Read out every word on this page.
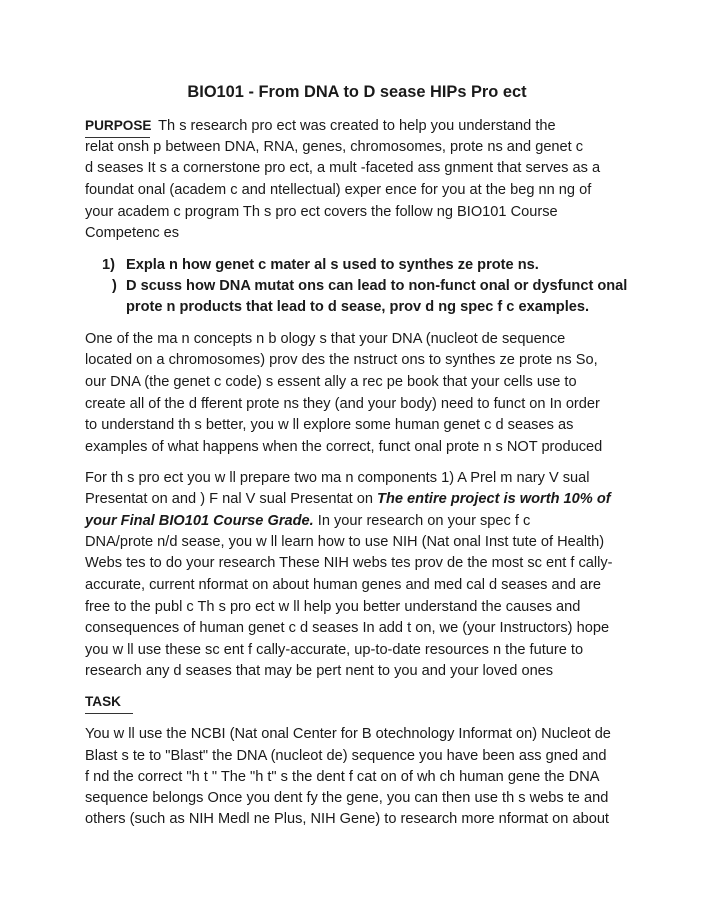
BIO101 - From DNA to D sease HIPs Pro ect
PURPOSE Th s research pro ect was created to help you understand the
relat onsh p between DNA, RNA, genes, chromosomes, prote ns and genet c
d seases It s a cornerstone pro ect, a mult -faceted ass gnment that serves as a
foundat onal (academ c and ntellectual) exper ence for you at the beg nn ng of
your academ c program Th s pro ect covers the follow ng BIO101 Course
Competenc es
1) Expla n how genet c mater al s used to synthes ze prote ns.
) D scuss how DNA mutat ons can lead to non-funct onal or dysfunct onal
prote n products that lead to d sease, prov d ng spec f c examples.
One of the ma n concepts n b ology s that your DNA (nucleot de sequence
located on a chromosomes) prov des the nstruct ons to synthes ze prote ns So,
our DNA (the genet c code) s essent ally a rec pe book that your cells use to
create all of the d fferent prote ns they (and your body) need to funct on In order
to understand th s better, you w ll explore some human genet c d seases as
examples of what happens when the correct, funct onal prote n s NOT produced
For th s pro ect you w ll prepare two ma n components 1) A Prel m nary V sual
Presentat on and ) F nal V sual Presentat on The entire project is worth 10% of
your Final BIO101 Course Grade. In your research on your spec f c
DNA/prote n/d sease, you w ll learn how to use NIH (Nat onal Inst tute of Health)
Webs tes to do your research These NIH webs tes prov de the most sc ent f cally-
accurate, current nformat on about human genes and med cal d seases and are
free to the publ c Th s pro ect w ll help you better understand the causes and
consequences of human genet c d seases In add t on, we (your Instructors) hope
you w ll use these sc ent f cally-accurate, up-to-date resources n the future to
research any d seases that may be pert nent to you and your loved ones
TASK
You w ll use the NCBI (Nat onal Center for B otechnology Informat on) Nucleot de
Blast s te to "Blast" the DNA (nucleot de) sequence you have been ass gned and
f nd the correct "h t " The "h t" s the dent f cat on of wh ch human gene the DNA
sequence belongs Once you dent fy the gene, you can then use th s webs te and
others (such as NIH Medl ne Plus, NIH Gene) to research more nformat on about
